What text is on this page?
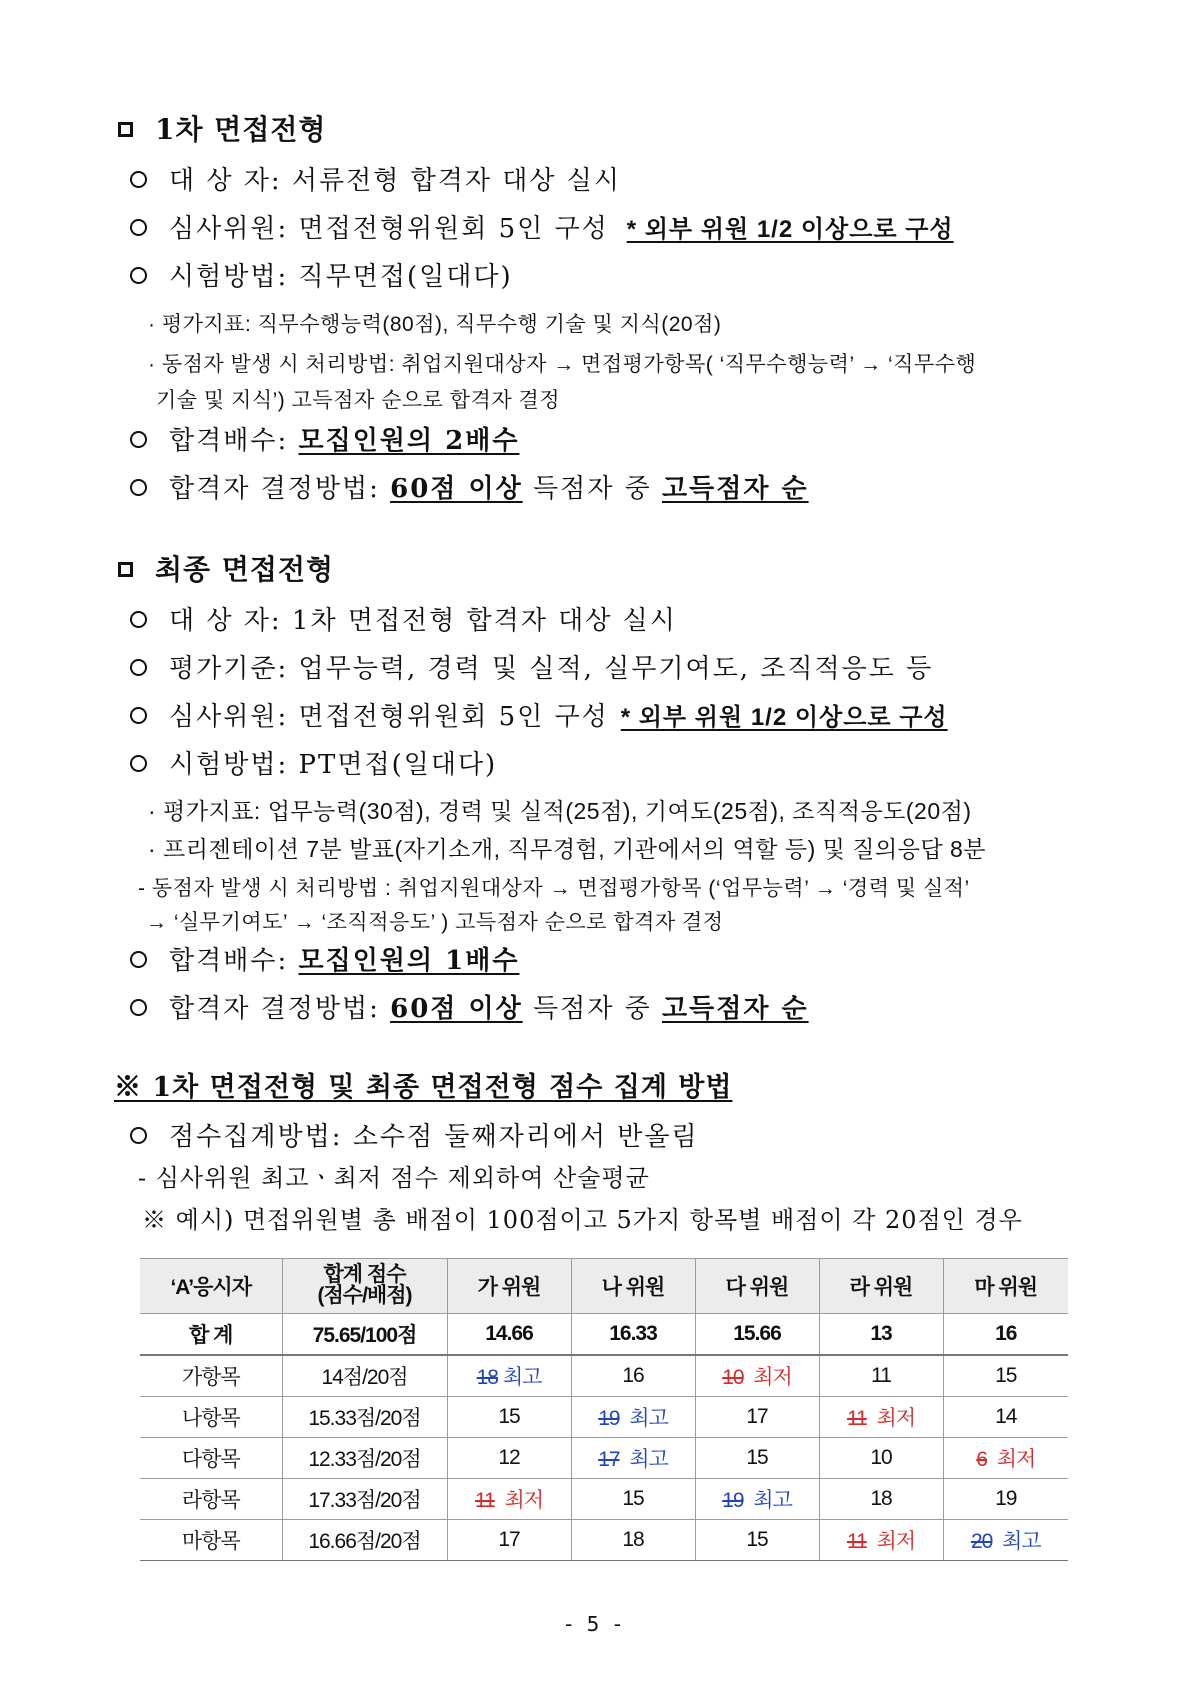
1차 면접전형
대 상 자: 서류전형 합격자 대상 실시
심사위원: 면접전형위원회 5인 구성 * 외부 위원 1/2 이상으로 구성
시험방법: 직무면접(일대다)
· 평가지표: 직무수행능력(80점), 직무수행 기술 및 지식(20점)
· 동점자 발생 시 처리방법: 취업지원대상자 → 면접평가항목( ‘직무수행능력’ → ‘직무수행
기술 및 지식’) 고득점자 순으로 합격자 결정
합격배수: 모집인원의 2배수
합격자 결정방법: 60점 이상 득점자 중 고득점자 순
최종 면접전형
대 상 자: 1차 면접전형 합격자 대상 실시
평가기준: 업무능력, 경력 및 실적, 실무기여도, 조직적응도 등
심사위원: 면접전형위원회 5인 구성 * 외부 위원 1/2 이상으로 구성
시험방법: PT면접(일대다)
· 평가지표: 업무능력(30점), 경력 및 실적(25점), 기여도(25점), 조직적응도(20점)
· 프리젠테이션 7분 발표(자기소개, 직무경험, 기관에서의 역할 등) 및 질의응답 8분
- 동점자 발생 시 처리방법 : 취업지원대상자 → 면접평가항목 (‘업무능력’ → ‘경력 및 실적’
→ ‘실무기여도’ → ‘조직적응도’ ) 고득점자 순으로 합격자 결정
합격배수: 모집인원의 1배수
합격자 결정방법: 60점 이상 득점자 중 고득점자 순
※ 1차 면접전형 및 최종 면접전형 점수 집계 방법
점수집계방법: 소수점 둘째자리에서 반올림
- 심사위원 최고ㆍ최저 점수 제외하여 산술평균
※ 예시) 면접위원별 총 배점이 100점이고 5가지 항목별 배점이 각 20점인 경우
‘A’응시자	합계 점수
(점수/배점)	가 위원	나 위원	다 위원	라 위원	마 위원
합 계	75.65/100점	14.66	16.33	15.66	13	16
가항목	14점/20점	18 최고	16	10 최저	11	15
나항목	15.33점/20점	15	19 최고	17	11 최저	14
다항목	12.33점/20점	12	17 최고	15	10	6 최저
라항목	17.33점/20점	11 최저	15	19 최고	18	19
마항목	16.66점/20점	17	18	15	11 최저	20 최고
- 5 -
